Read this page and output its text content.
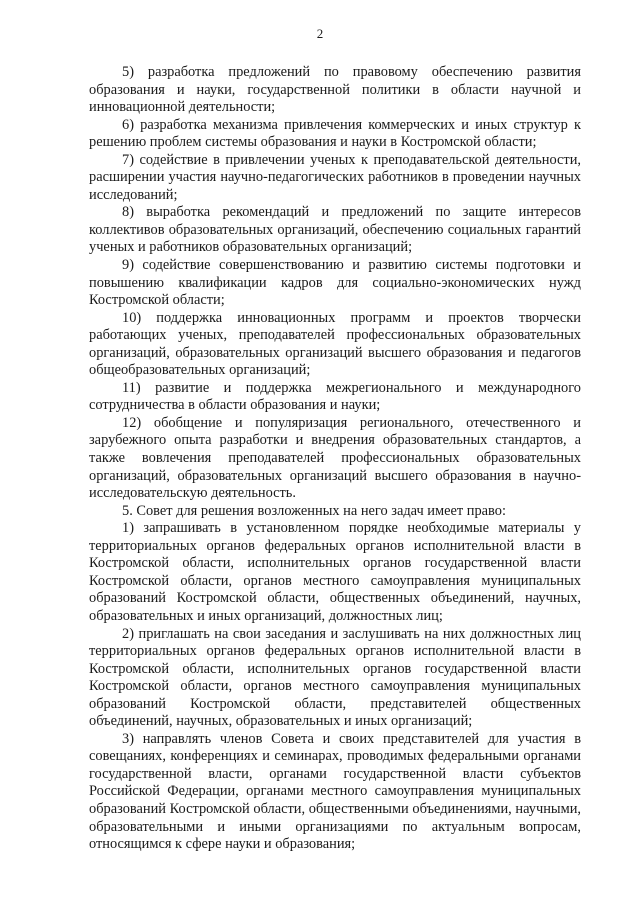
2

5) разработка предложений по правовому обеспечению развития образования и науки, государственной политики в области научной и инновационной деятельности;

6) разработка механизма привлечения коммерческих и иных структур к решению проблем системы образования и науки в Костромской области;

7) содействие в привлечении ученых к преподавательской деятельности, расширении участия научно-педагогических работников в проведении научных исследований;

8) выработка рекомендаций и предложений по защите интересов коллективов образовательных организаций, обеспечению социальных гарантий ученых и работников образовательных организаций;

9) содействие совершенствованию и развитию системы подготовки и повышению квалификации кадров для социально-экономических нужд Костромской области;

10) поддержка инновационных программ и проектов творчески работающих ученых, преподавателей профессиональных образовательных организаций, образовательных организаций высшего образования и педагогов общеобразовательных организаций;

11) развитие и поддержка межрегионального и международного сотрудничества в области образования и науки;

12) обобщение и популяризация регионального, отечественного и зарубежного опыта разработки и внедрения образовательных стандартов, а также вовлечения преподавателей профессиональных образовательных организаций, образовательных организаций высшего образования в научно-исследовательскую деятельность.

5. Совет для решения возложенных на него задач имеет право:

1) запрашивать в установленном порядке необходимые материалы у территориальных органов федеральных органов исполнительной власти в Костромской области, исполнительных органов государственной власти Костромской области, органов местного самоуправления муниципальных образований Костромской области, общественных объединений, научных, образовательных и иных организаций, должностных лиц;

2) приглашать на свои заседания и заслушивать на них должностных лиц территориальных органов федеральных органов исполнительной власти в Костромской области, исполнительных органов государственной власти Костромской области, органов местного самоуправления муниципальных образований Костромской области, представителей общественных объединений, научных, образовательных и иных организаций;

3) направлять членов Совета и своих представителей для участия в совещаниях, конференциях и семинарах, проводимых федеральными органами государственной власти, органами государственной власти субъектов Российской Федерации, органами местного самоуправления муниципальных образований Костромской области, общественными объединениями, научными, образовательными и иными организациями по актуальным вопросам, относящимся к сфере науки и образования;
